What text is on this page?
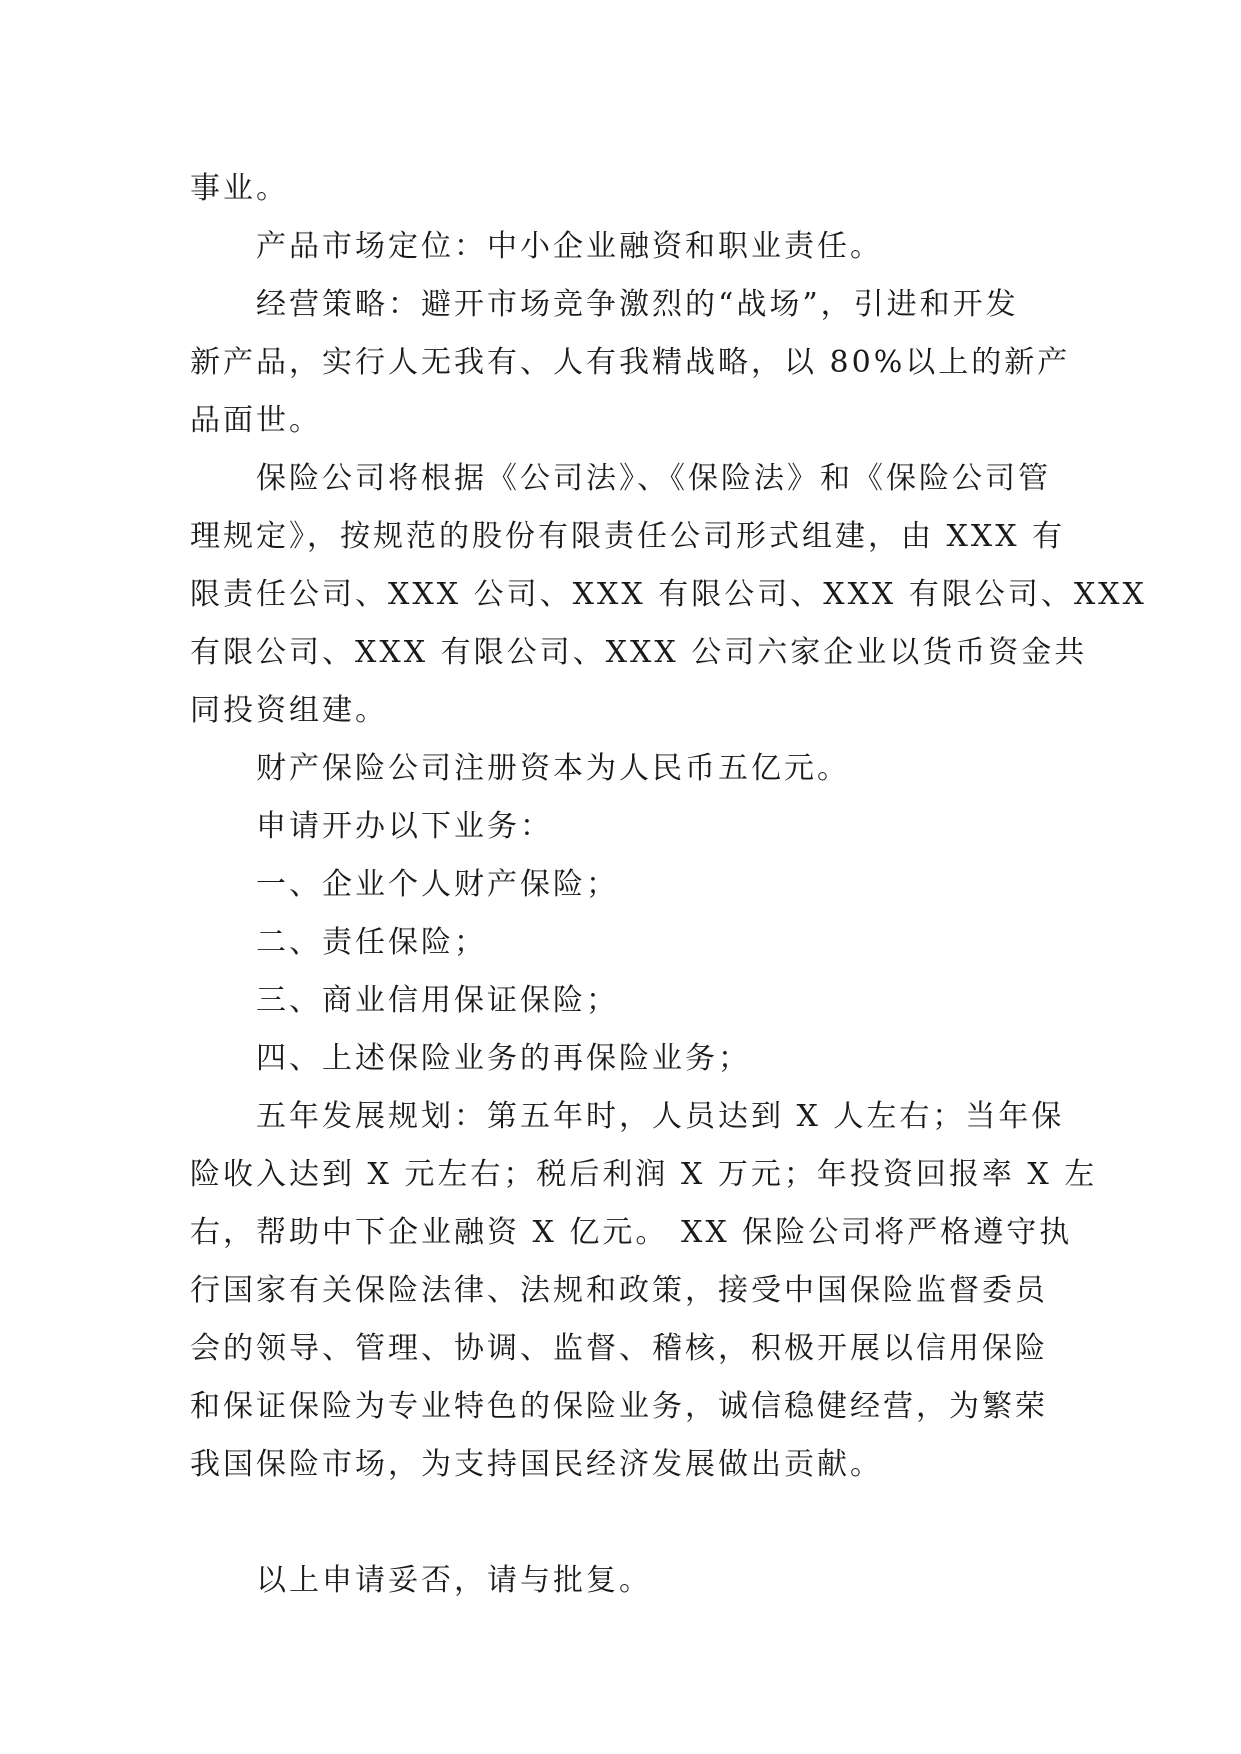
事业。
产品市场定位：中小企业融资和职业责任。
经营策略：避开市场竞争激烈的“战场”，引进和开发
新产品，实行人无我有、人有我精战略，以 80%以上的新产
品面世。
保险公司将根据《公司法》、《保险法》和《保险公司管
理规定》，按规范的股份有限责任公司形式组建，由 XXX 有
限责任公司、XXX 公司、XXX 有限公司、XXX 有限公司、XXX
有限公司、XXX 有限公司、XXX 公司六家企业以货币资金共
同投资组建。
财产保险公司注册资本为人民币五亿元。
申请开办以下业务：
一、企业个人财产保险；
二、责任保险；
三、商业信用保证保险；
四、上述保险业务的再保险业务；
五年发展规划：第五年时，人员达到 X 人左右；当年保
险收入达到 X 元左右；税后利润 X 万元；年投资回报率 X 左
右，帮助中下企业融资 X 亿元。 XX 保险公司将严格遵守执
行国家有关保险法律、法规和政策，接受中国保险监督委员
会的领导、管理、协调、监督、稽核，积极开展以信用保险
和保证保险为专业特色的保险业务，诚信稳健经营，为繁荣
我国保险市场，为支持国民经济发展做出贡献。
以上申请妥否，请与批复。
